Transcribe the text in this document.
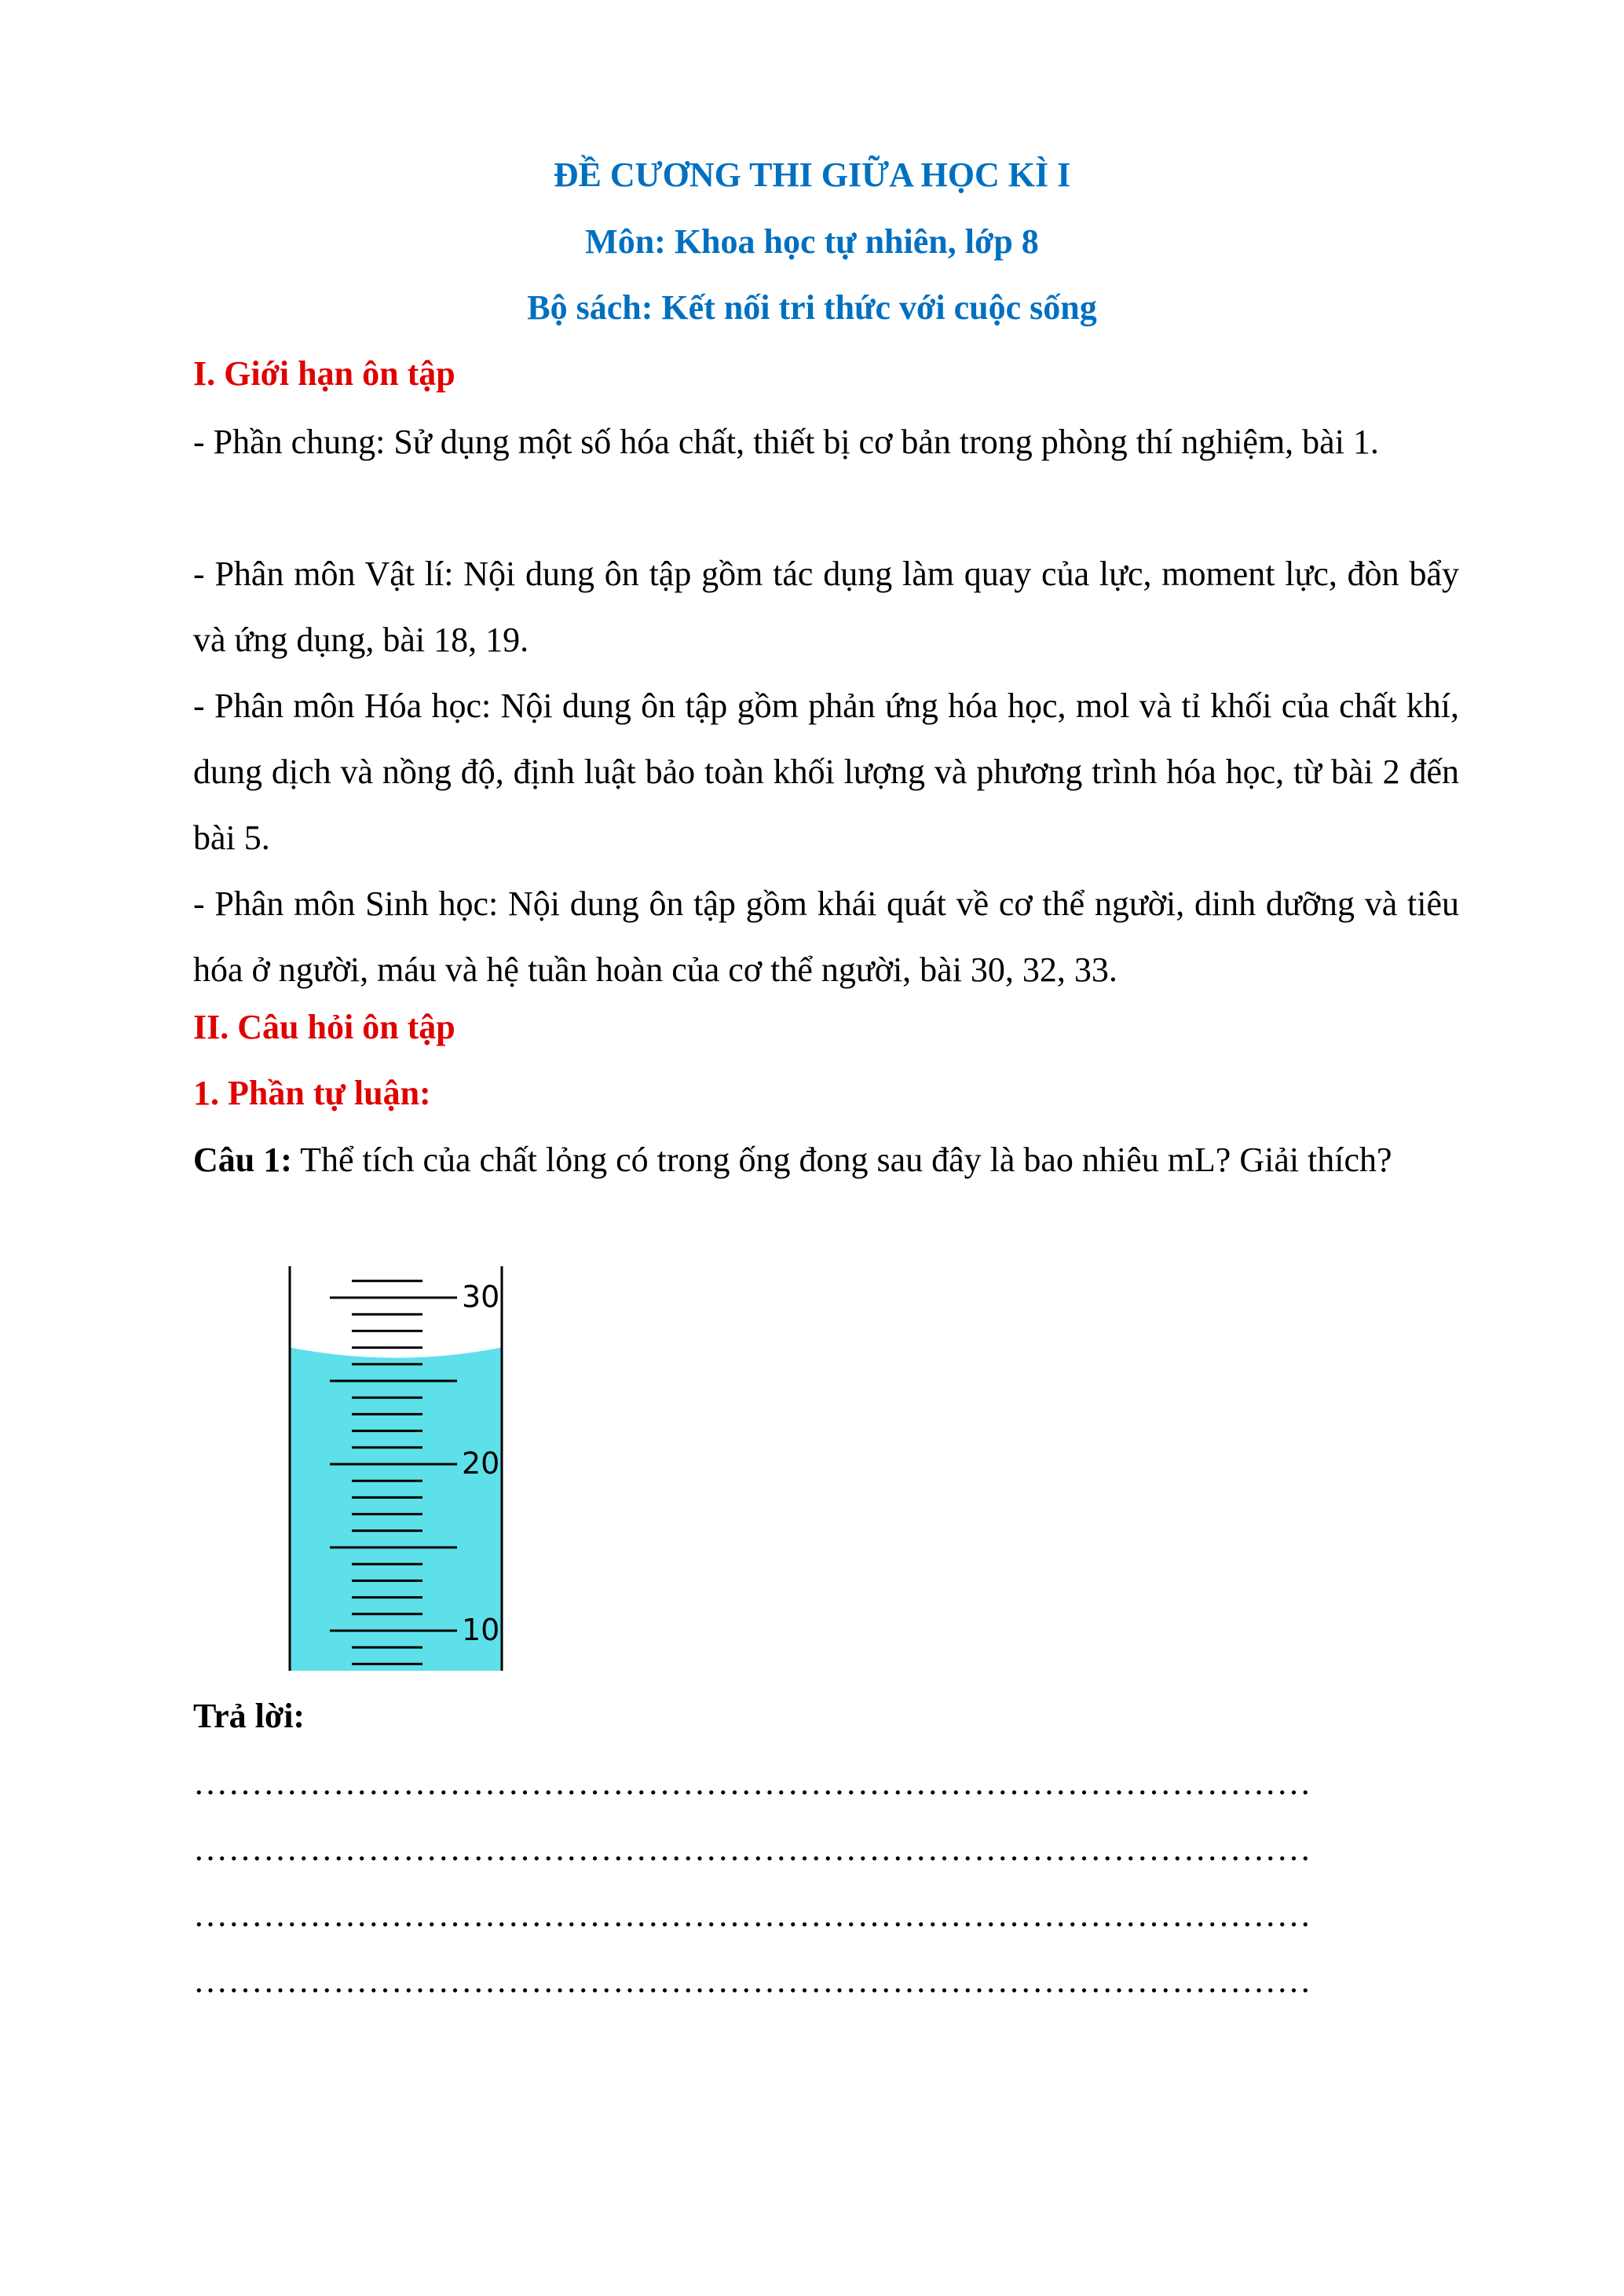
ĐỀ CƯƠNG THI GIỮA HỌC KÌ I
Môn: Khoa học tự nhiên, lớp 8
Bộ sách: Kết nối tri thức với cuộc sống
I. Giới hạn ôn tập
- Phần chung: Sử dụng một số hóa chất, thiết bị cơ bản trong phòng thí nghiệm, bài 1.
- Phân môn Vật lí: Nội dung ôn tập gồm tác dụng làm quay của lực, moment lực, đòn bẩy và ứng dụng, bài 18, 19.
- Phân môn Hóa học: Nội dung ôn tập gồm phản ứng hóa học, mol và tỉ khối của chất khí, dung dịch và nồng độ, định luật bảo toàn khối lượng và phương trình hóa học, từ bài 2 đến bài 5.
- Phân môn Sinh học: Nội dung ôn tập gồm khái quát về cơ thể người, dinh dưỡng và tiêu hóa ở người, máu và hệ tuần hoàn của cơ thể người, bài 30, 32, 33.
II. Câu hỏi ôn tập
1. Phần tự luận:
Câu 1: Thể tích của chất lỏng có trong ống đong sau đây là bao nhiêu mL? Giải thích?
30
20
10
Trả lời:
……………………………………………………………………………………
……………………………………………………………………………………
……………………………………………………………………………………
……………………………………………………………………………………
